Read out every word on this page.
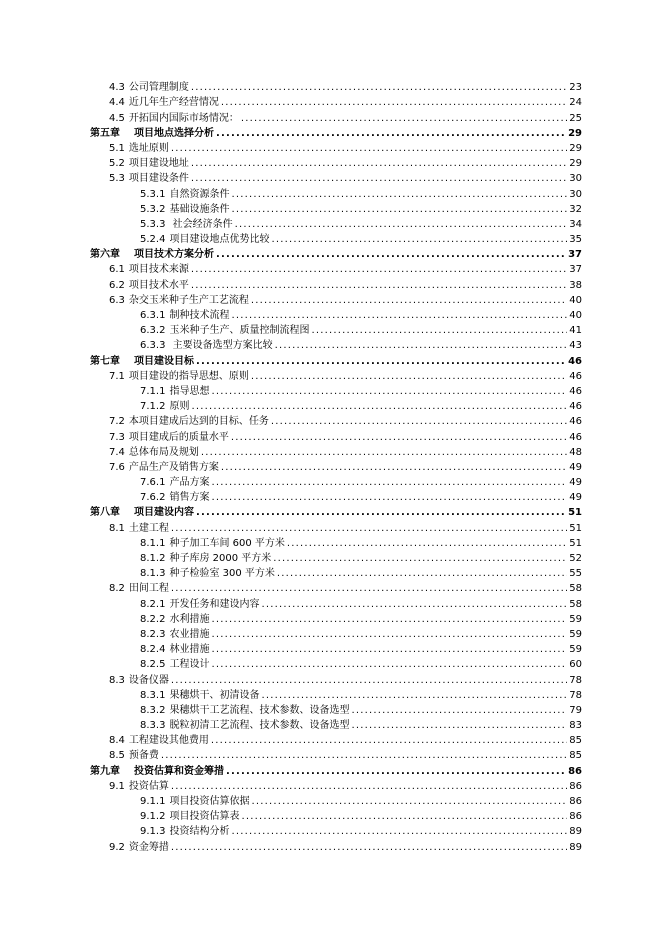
4.3 公司管理制度 .....	23
4.4 近几年生产经营情况 .....	24
4.5 开拓国内国际市场情况： .....	25
第五章 项目地点选择分析 .....	29
5.1 选址原则 .....	29
5.2 项目建设地址 .....	29
5.3 项目建设条件 .....	30
5.3.1 自然资源条件 .....	30
5.3.2 基础设施条件 .....	32
5.3.3 社会经济条件 .....	34
5.2.4 项目建设地点优势比较 .....	35
第六章 项目技术方案分析 .....	37
6.1 项目技术来源 .....	37
6.2 项目技术水平 .....	38
6.3 杂交玉米种子生产工艺流程 .....	40
6.3.1 制种技术流程 .....	40
6.3.2 玉米种子生产、质量控制流程图 .....	41
6.3.3 主要设备选型方案比较 .....	43
第七章 项目建设目标 .....	46
7.1 项目建设的指导思想、原则 .....	46
7.1.1 指导思想 .....	46
7.1.2 原则 .....	46
7.2 本项目建成后达到的目标、任务 .....	46
7.3 项目建成后的质量水平 .....	46
7.4 总体布局及规划 .....	48
7.6 产品生产及销售方案 .....	49
7.6.1 产品方案 .....	49
7.6.2 销售方案 .....	49
第八章 项目建设内容 .....	51
8.1 土建工程 .....	51
8.1.1 种子加工车间 600 平方米 .....	51
8.1.2 种子库房 2000 平方米 .....	52
8.1.3 种子检验室 300 平方米 .....	55
8.2 田间工程 .....	58
8.2.1 开发任务和建设内容 .....	58
8.2.2 水利措施 .....	59
8.2.3 农业措施 .....	59
8.2.4 林业措施 .....	59
8.2.5 工程设计 .....	60
8.3 设备仪器 .....	78
8.3.1 果穗烘干、初清设备 .....	78
8.3.2 果穗烘干工艺流程、技术参数、设备选型 .....	79
8.3.3 脱粒初清工艺流程、技术参数、设备选型 .....	83
8.4 工程建设其他费用 .....	85
8.5 预备费 .....	85
第九章 投资估算和资金筹措 .....	86
9.1 投资估算 .....	86
9.1.1 项目投资估算依据 .....	86
9.1.2 项目投资估算表 .....	86
9.1.3 投资结构分析 .....	89
9.2 资金筹措 .....	89
